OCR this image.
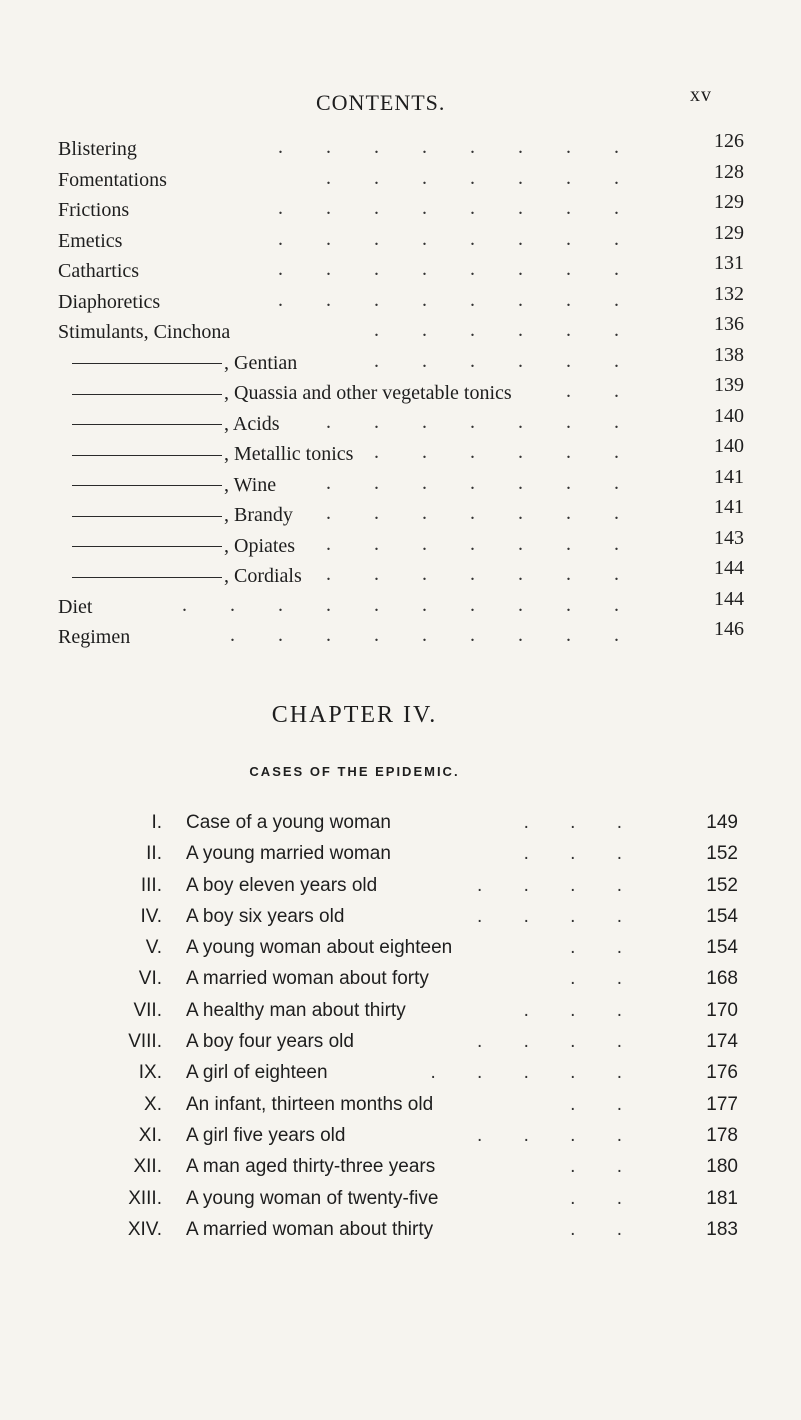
CONTENTS.	xv
Blistering	. . . . . . . .	126
Fomentations	. . . . . . .	128
Frictions	. . . . . . . .	129
Emetics	. . . . . . . .	129
Cathartics	. . . . . . . .	131
Diaphoretics	. . . . . . . .	132
Stimulants, Cinchona	. . . . . .	136
, Gentian	. . . . . .	138
, Quassia and other vegetable tonics	. .	139
, Acids . . . . . . .	140
, Metallic tonics . . . . . .	140
, Wine . . . . . . .	141
, Brandy . . . . . . .	141
, Opiates . . . . . . .	143
, Cordials . . . . . . .	144
Diet	. . . . . . . . . .	144
Regimen	. . . . . . . . .	146
CHAPTER IV.
CASES OF THE EPIDEMIC.
I. Case of a young woman	. . .	149
II. A young married woman	. . .	152
III. A boy eleven years old	. . . .	152
IV. A boy six years old	. . . .	154
V. A young woman about eighteen	. .	154
VI. A married woman about forty	. .	168
VII. A healthy man about thirty	. . .	170
VIII. A boy four years old	. . . .	174
IX. A girl of eighteen	. . . . .	176
X. An infant, thirteen months old	. .	177
XI. A girl five years old	. . . .	178
XII. A man aged thirty-three years	. .	180
XIII. A young woman of twenty-five	. .	181
XIV. A married woman about thirty	. .	183
